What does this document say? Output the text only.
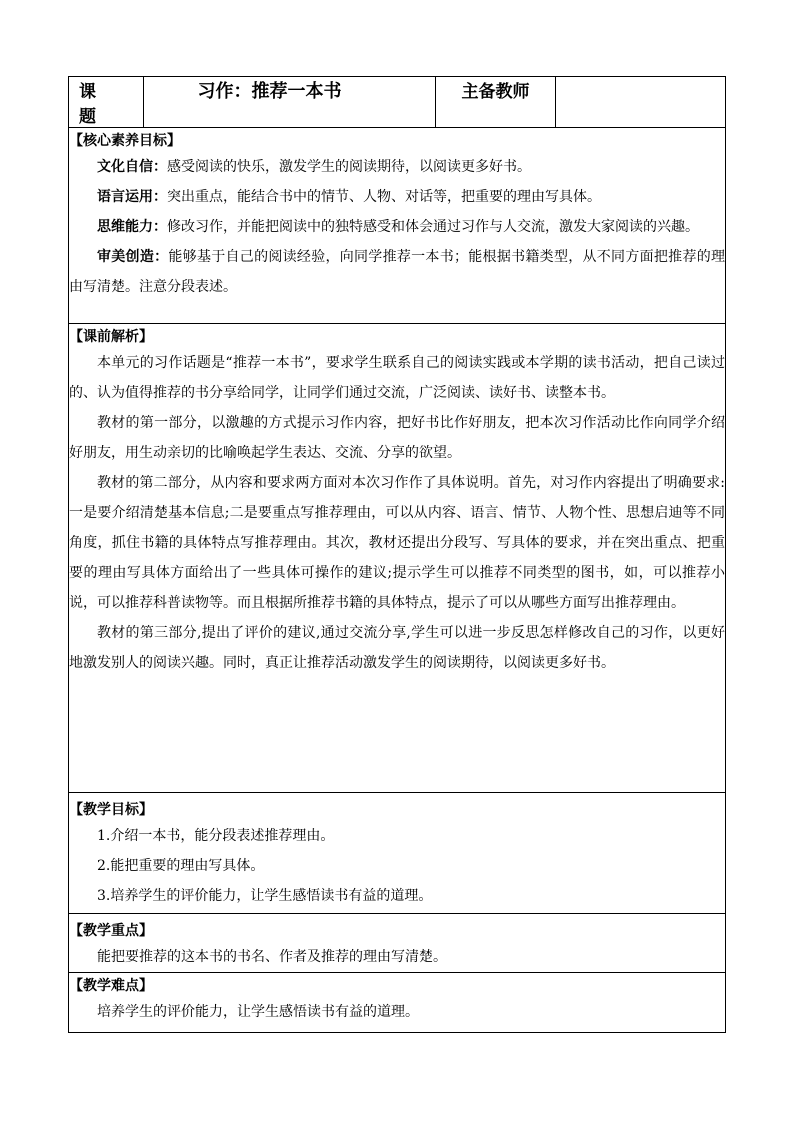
课题	习作：推荐一本书	主备教师	

【核心素养目标】

文化自信：感受阅读的快乐，激发学生的阅读期待，以阅读更多好书。

语言运用：突出重点，能结合书中的情节、人物、对话等，把重要的理由写具体。

思维能力：修改习作，并能把阅读中的独特感受和体会通过习作与人交流，激发大家阅读的兴趣。

审美创造：能够基于自己的阅读经验，向同学推荐一本书；能根据书籍类型，从不同方面把推荐的理由写清楚。注意分段表述。

【课前解析】

本单元的习作话题是“推荐一本书”，要求学生联系自己的阅读实践或本学期的读书活动，把自己读过的、认为值得推荐的书分享给同学，让同学们通过交流，广泛阅读、读好书、读整本书。

教材的第一部分，以激趣的方式提示习作内容，把好书比作好朋友，把本次习作活动比作向同学介绍好朋友，用生动亲切的比喻唤起学生表达、交流、分享的欲望。

教材的第二部分，从内容和要求两方面对本次习作作了具体说明。首先，对习作内容提出了明确要求:一是要介绍清楚基本信息;二是要重点写推荐理由，可以从内容、语言、情节、人物个性、思想启迪等不同角度，抓住书籍的具体特点写推荐理由。其次，教材还提出分段写、写具体的要求，并在突出重点、把重要的理由写具体方面给出了一些具体可操作的建议;提示学生可以推荐不同类型的图书，如，可以推荐小说，可以推荐科普读物等。而且根据所推荐书籍的具体特点，提示了可以从哪些方面写出推荐理由。

教材的第三部分,提出了评价的建议,通过交流分享,学生可以进一步反思怎样修改自己的习作，以更好地激发别人的阅读兴趣。同时，真正让推荐活动激发学生的阅读期待，以阅读更多好书。

【教学目标】

1.介绍一本书，能分段表述推荐理由。

2.能把重要的理由写具体。

3.培养学生的评价能力，让学生感悟读书有益的道理。

【教学重点】

能把要推荐的这本书的书名、作者及推荐的理由写清楚。

【教学难点】

培养学生的评价能力，让学生感悟读书有益的道理。
